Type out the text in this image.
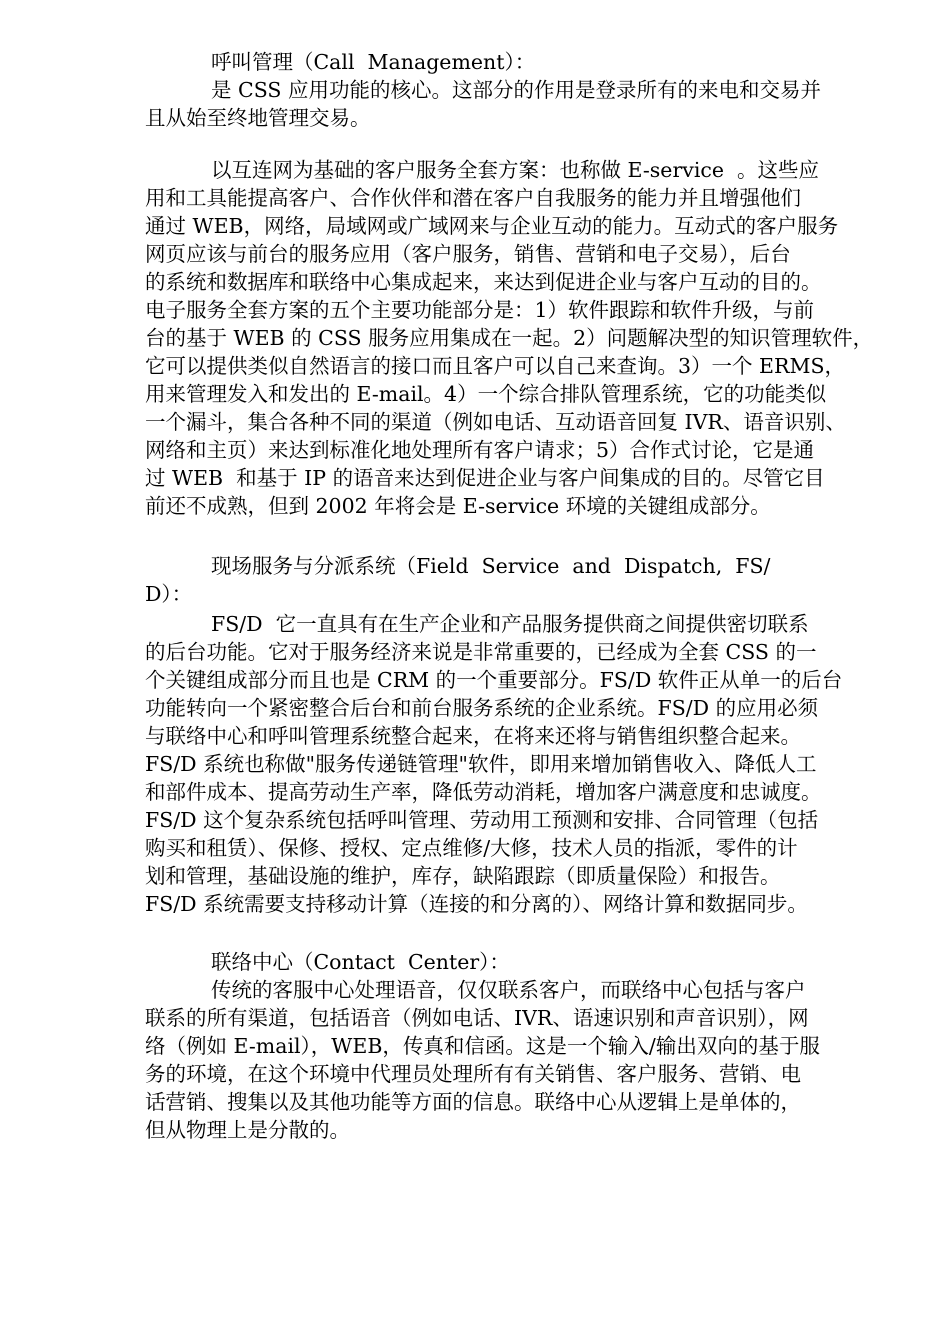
呼叫管理（Call  Management）：
是 CSS 应用功能的核心。这部分的作用是登录所有的来电和交易并
且从始至终地管理交易。
以互连网为基础的客户服务全套方案：也称做 E-service  。这些应
用和工具能提高客户、合作伙伴和潜在客户自我服务的能力并且增强他们
通过 WEB，网络，局域网或广域网来与企业互动的能力。互动式的客户服务
网页应该与前台的服务应用（客户服务，销售、营销和电子交易），后台
的系统和数据库和联络中心集成起来，来达到促进企业与客户互动的目的。
电子服务全套方案的五个主要功能部分是：1）软件跟踪和软件升级，与前
台的基于 WEB 的 CSS 服务应用集成在一起。2）问题解决型的知识管理软件，
它可以提供类似自然语言的接口而且客户可以自己来查询。3）一个 ERMS，
用来管理发入和发出的 E-mail。4）一个综合排队管理系统，它的功能类似
一个漏斗，集合各种不同的渠道（例如电话、互动语音回复 IVR、语音识别、
网络和主页）来达到标准化地处理所有客户请求；5）合作式讨论，它是通
过 WEB  和基于 IP 的语音来达到促进企业与客户间集成的目的。尽管它目
前还不成熟，但到 2002 年将会是 E-service 环境的关键组成部分。
现场服务与分派系统（Field  Service  and  Dispatch,  FS/
D）：
FS/D  它一直具有在生产企业和产品服务提供商之间提供密切联系
的后台功能。它对于服务经济来说是非常重要的，已经成为全套 CSS 的一
个关键组成部分而且也是 CRM 的一个重要部分。FS/D 软件正从单一的后台
功能转向一个紧密整合后台和前台服务系统的企业系统。FS/D 的应用必须
与联络中心和呼叫管理系统整合起来，在将来还将与销售组织整合起来。
FS/D 系统也称做"服务传递链管理"软件，即用来增加销售收入、降低人工
和部件成本、提高劳动生产率，降低劳动消耗，增加客户满意度和忠诚度。
FS/D 这个复杂系统包括呼叫管理、劳动用工预测和安排、合同管理（包括
购买和租赁）、保修、授权、定点维修/大修，技术人员的指派，零件的计
划和管理，基础设施的维护，库存，缺陷跟踪（即质量保险）和报告。
FS/D 系统需要支持移动计算（连接的和分离的）、网络计算和数据同步。
联络中心（Contact  Center）：
传统的客服中心处理语音，仅仅联系客户，而联络中心包括与客户
联系的所有渠道，包括语音（例如电话、IVR、语速识别和声音识别），网
络（例如 E-mail），WEB，传真和信函。这是一个输入/输出双向的基于服
务的环境，在这个环境中代理员处理所有有关销售、客户服务、营销、电
话营销、搜集以及其他功能等方面的信息。联络中心从逻辑上是单体的，
但从物理上是分散的。
